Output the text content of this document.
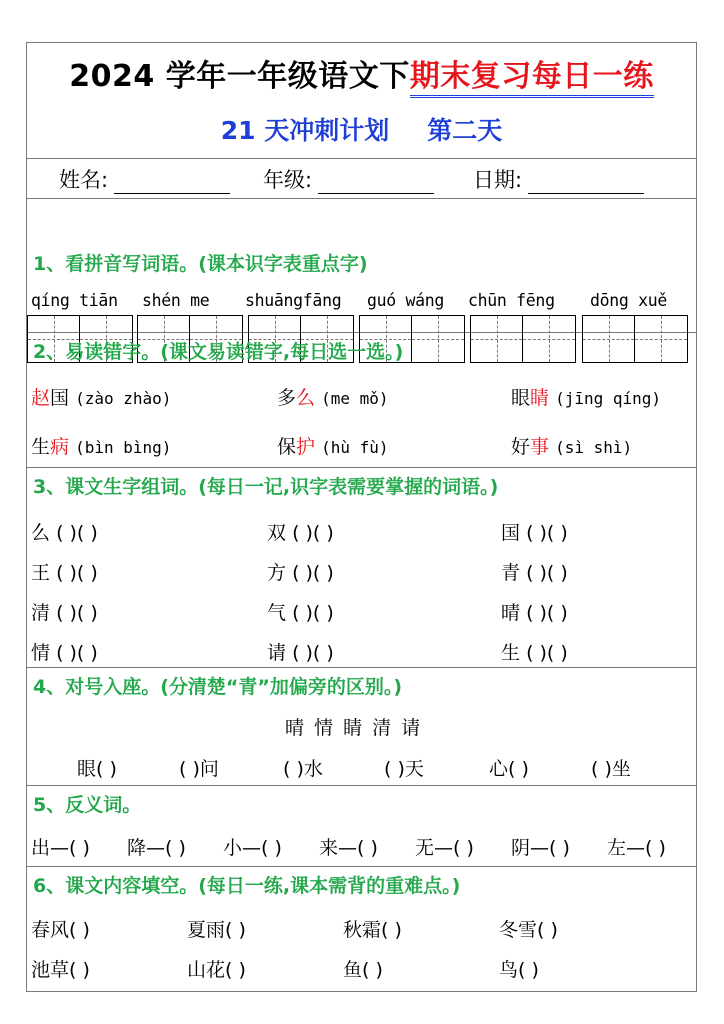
2024 学年一年级语文下期末复习每日一练
21 天冲刺计划 第二天
姓名:	年级:	日期:
1、看拼音写词语。(课本识字表重点字)
qíng tiān shén me shuāngfāng guó wáng chūn fēng dōng xuě
2、易读错字。(课文易读错字,每日选一选。)
赵国 (zào zhào)	多么 (me mǒ)	眼睛 (jīng qíng)
生病 (bìn bìng)	保护 (hù fù)	好事 (sì shì)
3、课文生字组词。(每日一记,识字表需要掌握的词语。)
么 ( )( )	双 ( )( )	国 ( )( )
王 ( )( )	方 ( )( )	青 ( )( )
清 ( )( )	气 ( )( )	晴 ( )( )
情 ( )( )	请 ( )( )	生 ( )( )
4、对号入座。(分清楚“青”加偏旁的区别。)
晴 情 睛 清 请
眼( )	( )问	( )水	( )天	心( )	( )坐
5、反义词。
出—( ) 降—( ) 小—( ) 来—( ) 无—( ) 阴—( ) 左—( )
6、课文内容填空。(每日一练,课本需背的重难点。)
春风( )	夏雨( )	秋霜( )	冬雪( )
池草( )	山花( )	鱼( )	鸟( )
